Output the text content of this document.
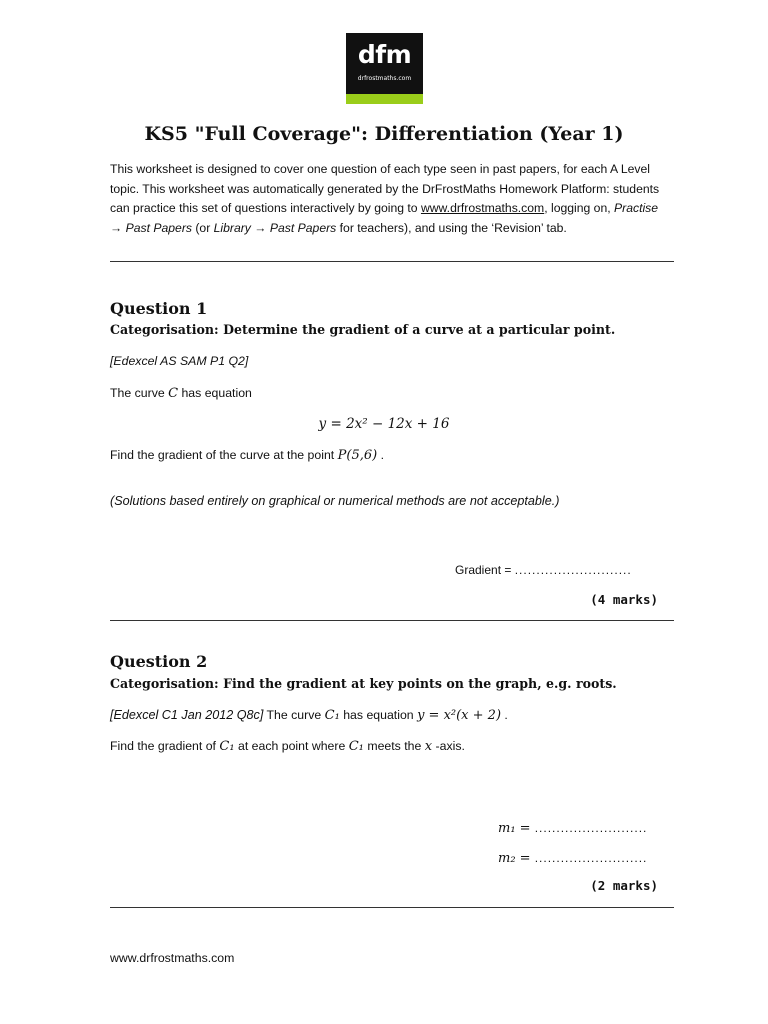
dfm
drfrostmaths.com
KS5 "Full Coverage": Differentiation (Year 1)

This worksheet is designed to cover one question of each type seen in past papers, for each A Level topic. This worksheet was automatically generated by the DrFrostMaths Homework Platform: students can practice this set of questions interactively by going to www.drfrostmaths.com, logging on, Practise → Past Papers (or Library → Past Papers for teachers), and using the ‘Revision’ tab.

Question 1

Categorisation: Determine the gradient of a curve at a particular point.

[Edexcel AS SAM P1 Q2]

The curve C has equation

y = 2x² − 12x + 16

Find the gradient of the curve at the point P(5,6) .

(Solutions based entirely on graphical or numerical methods are not acceptable.)

Gradient = ...........................
(4 marks)
Question 2

Categorisation: Find the gradient at key points on the graph, e.g. roots.

[Edexcel C1 Jan 2012 Q8c] The curve C₁ has equation y = x²(x + 2) .

Find the gradient of C₁ at each point where C₁ meets the x -axis.

m₁ = ..........................
m₂ = ..........................
(2 marks)
www.drfrostmaths.com
